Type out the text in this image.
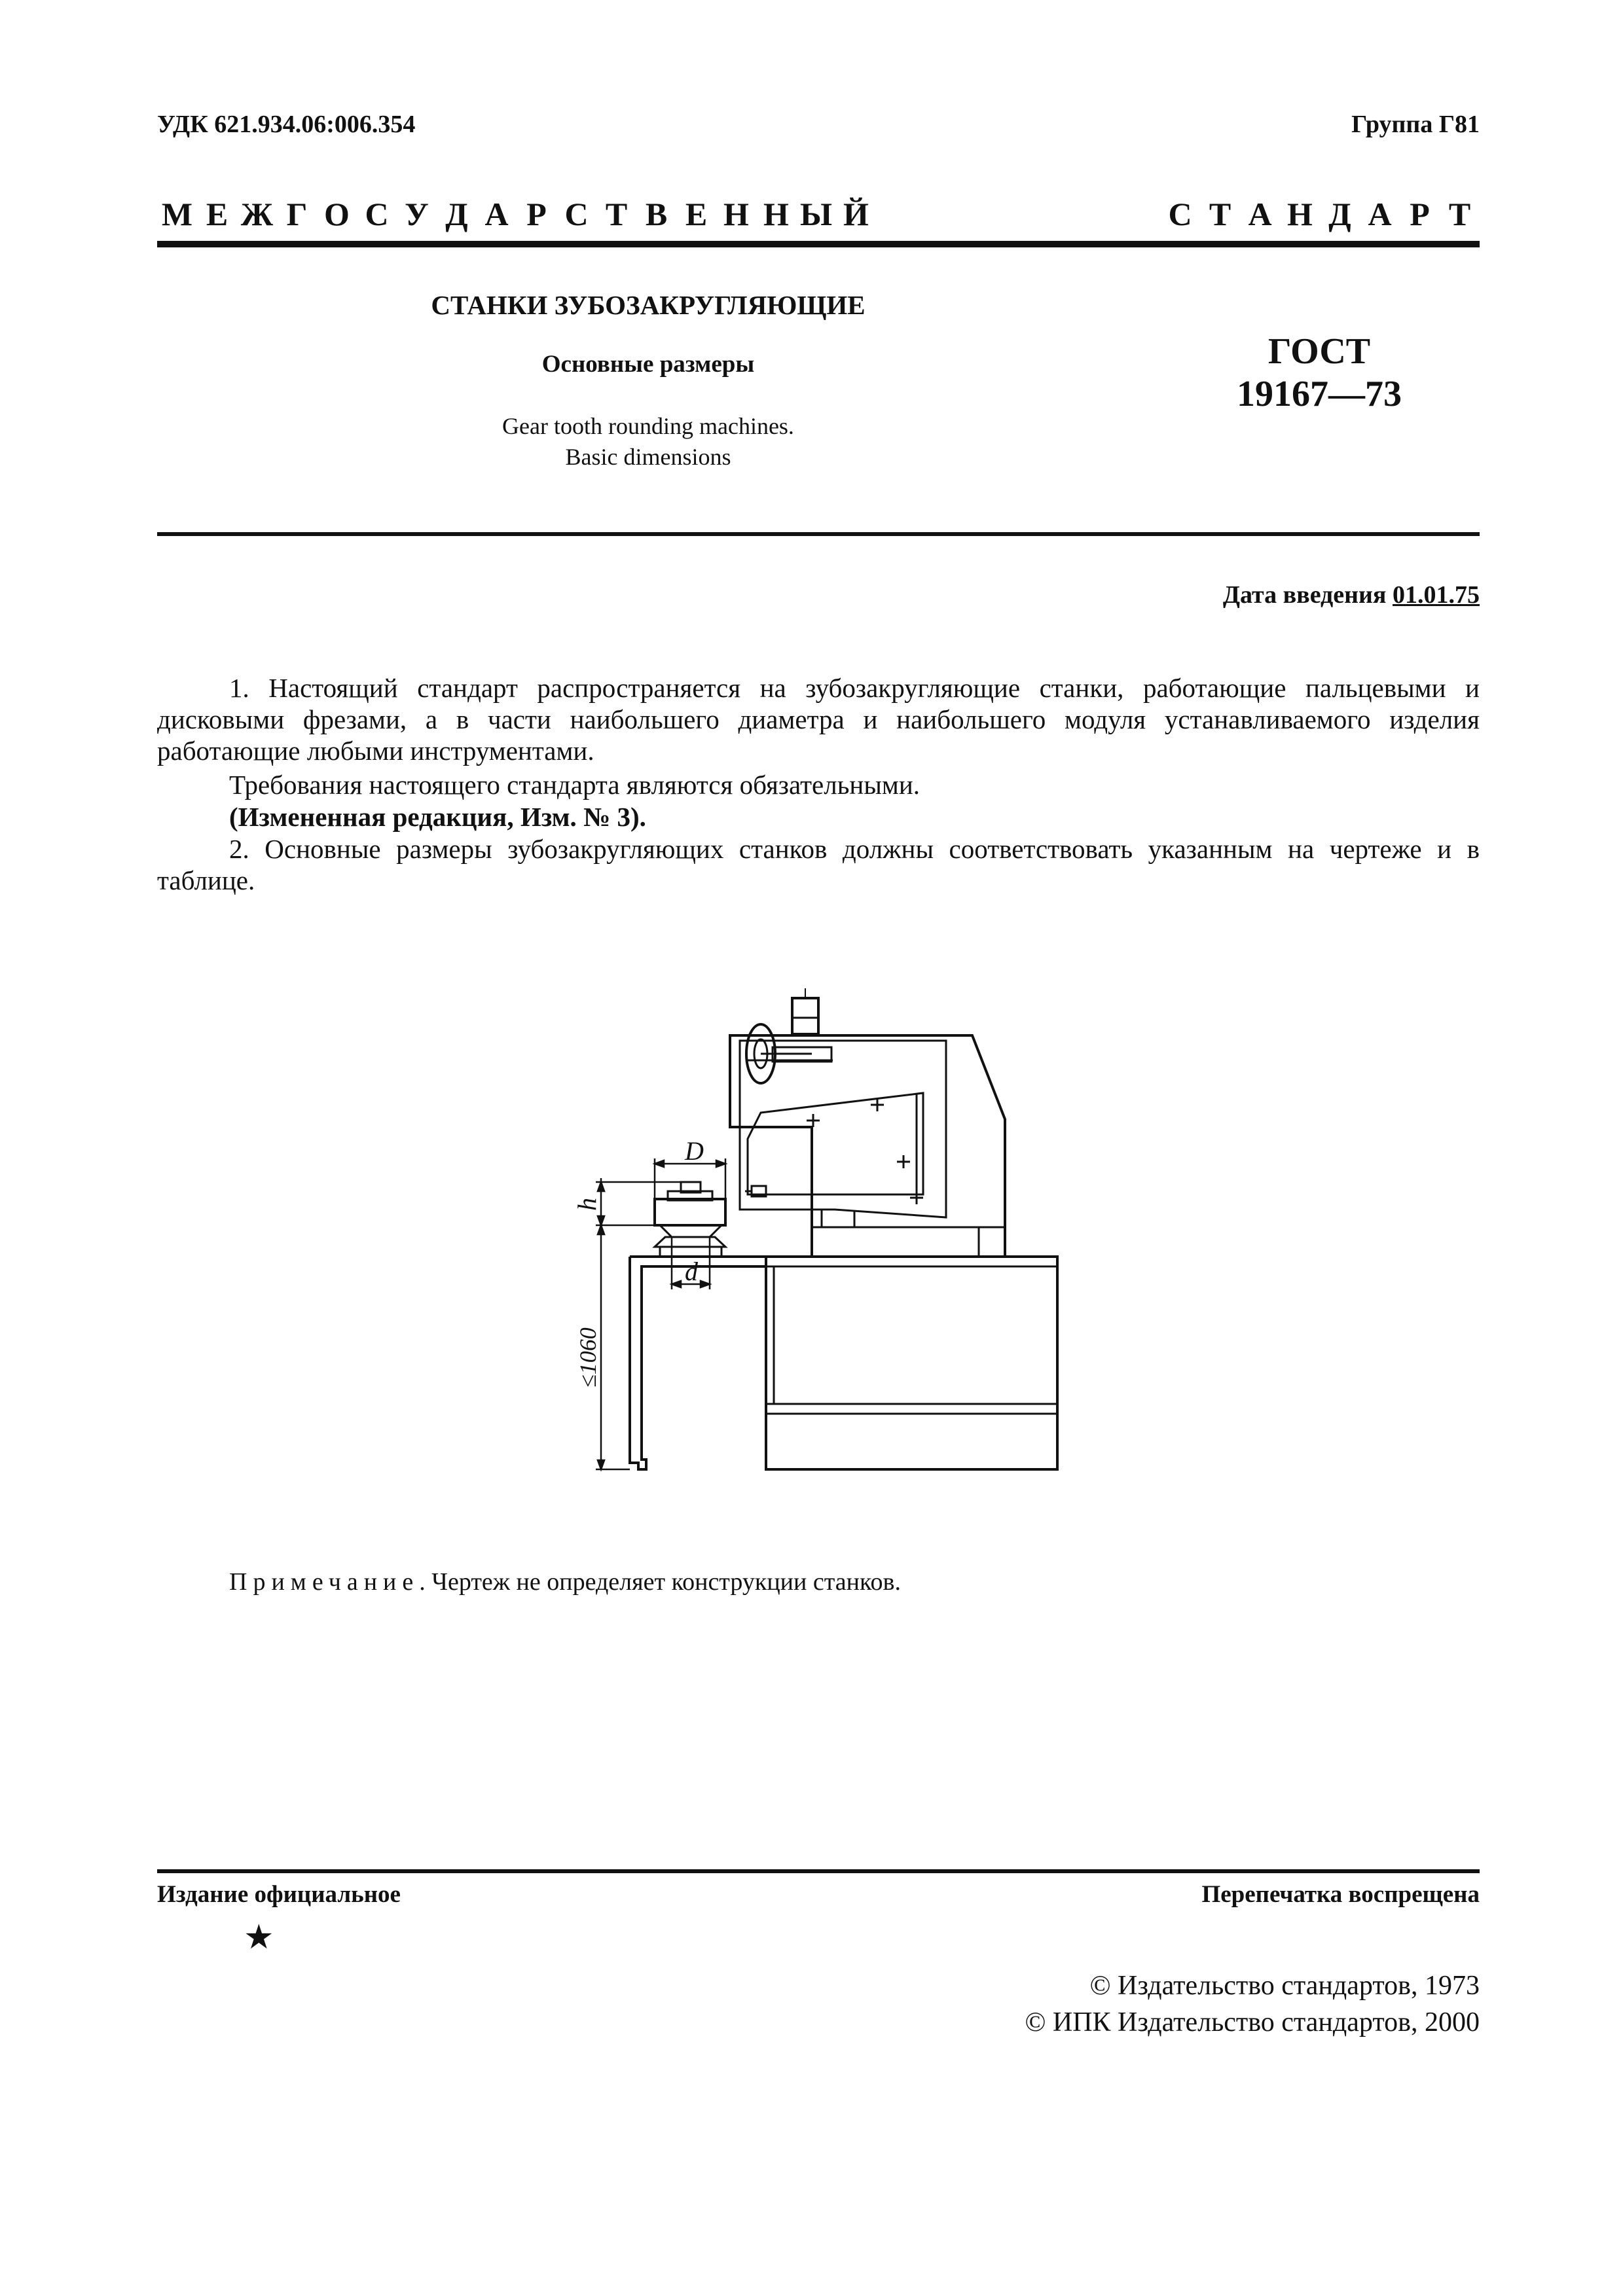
УДК 621.934.06:006.354	Группа Г81
М Е Ж Г О С У Д А Р С Т В Е Н Н Ы Й	С Т А Н Д А Р Т
СТАНКИ ЗУБОЗАКРУГЛЯЮЩИЕ
Основные размеры
Gear tooth rounding machines.
Basic dimensions
ГОСТ
19167—73
Дата введения 01.01.75
1. Настоящий стандарт распространяется на зубозакругляющие станки, работающие пальцевыми и дисковыми фрезами, а в части наибольшего диаметра и наибольшего модуля устанавливаемого изделия работающие любыми инструментами.
Требования настоящего стандарта являются обязательными.
(Измененная редакция, Изм. № 3).
2. Основные размеры зубозакругляющих станков должны соответствовать указанным на чертеже и в таблице.
D
d
h
≤1060
Примечание. Чертеж не определяет конструкции станков.
Издание официальное	Перепечатка воспрещена
★
© Издательство стандартов, 1973
© ИПК Издательство стандартов, 2000
